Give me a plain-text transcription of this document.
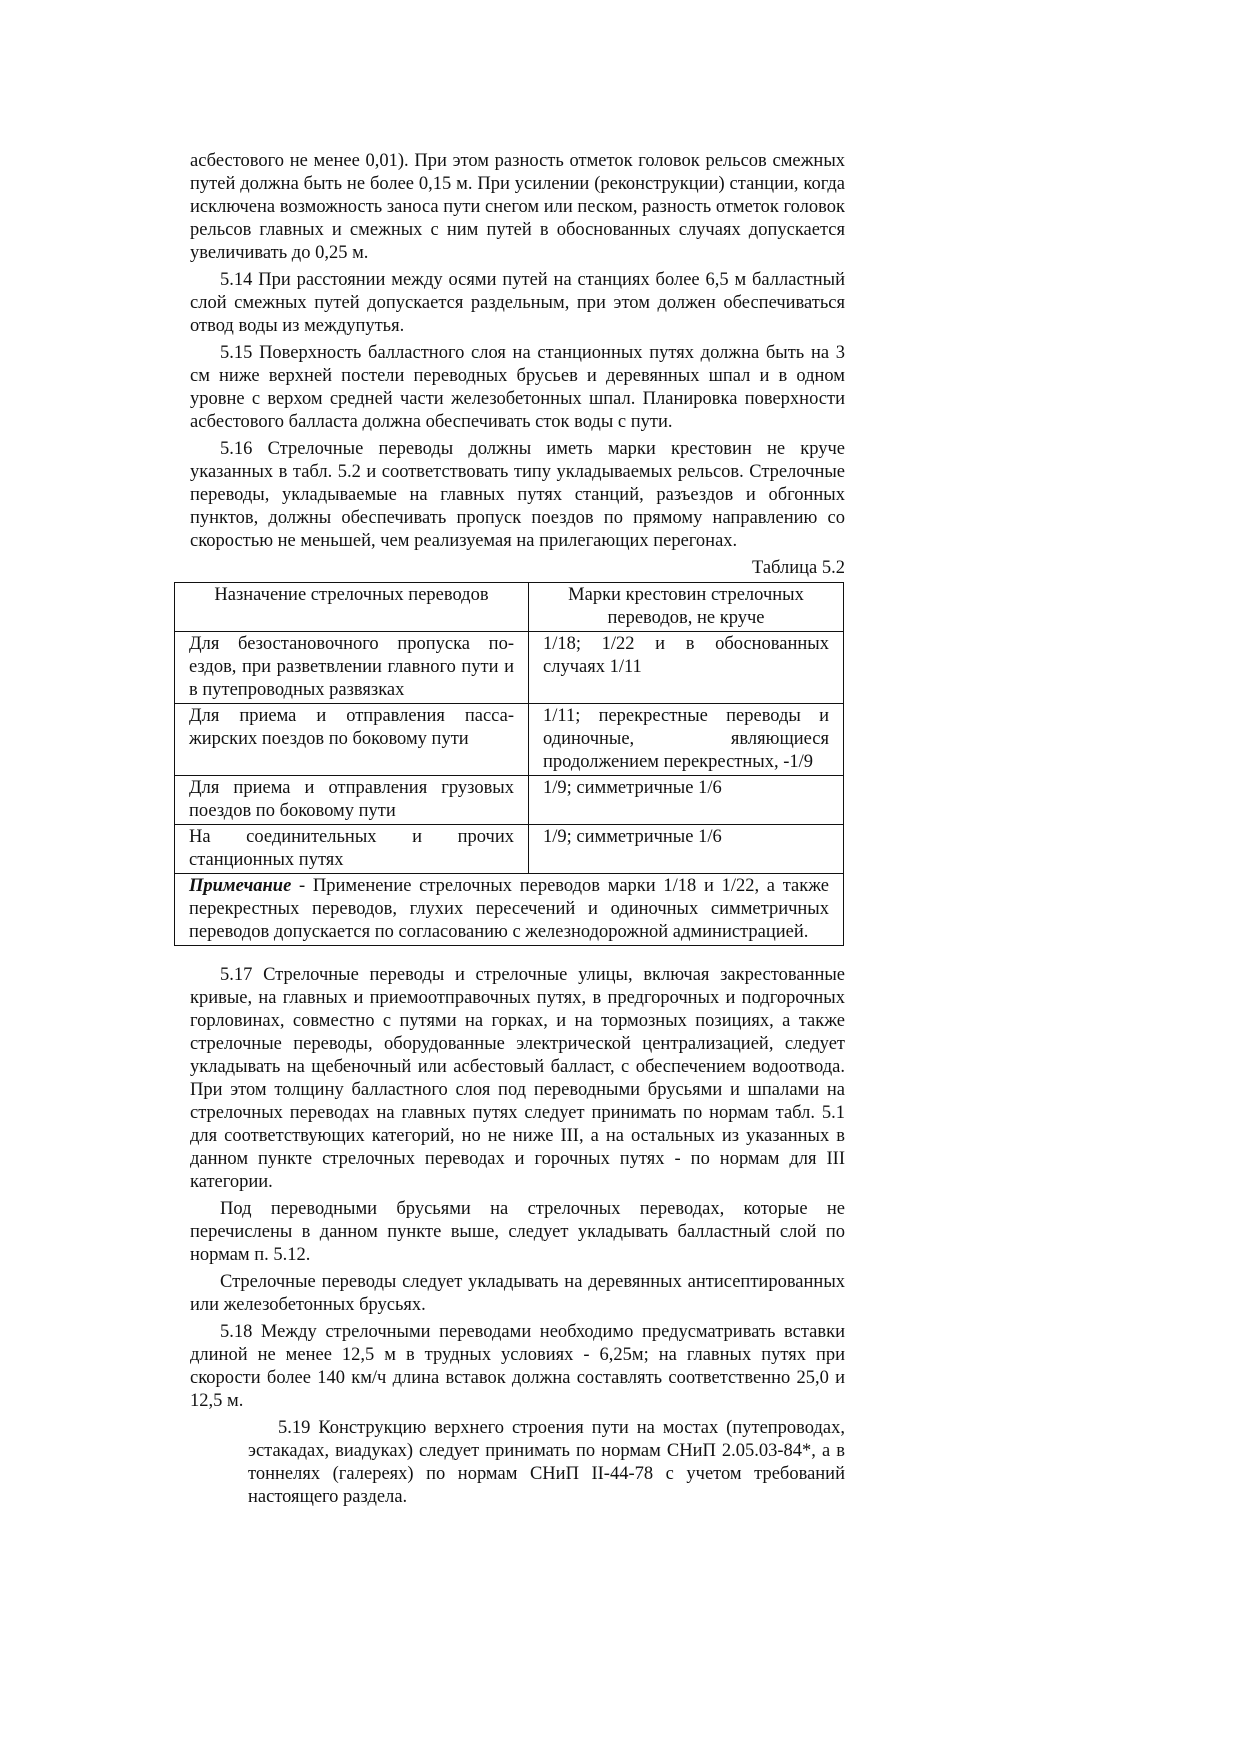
асбестового не менее 0,01). При этом разность отметок головок рельсов смежных путей должна быть не более 0,15 м. При усилении (реконструкции) станции, когда исключена возможность заноса пути снегом или песком, разность отметок головок рельсов главных и смежных с ним путей в обоснованных случаях допускается увеличивать до 0,25 м.

5.14 При расстоянии между осями путей на станциях более 6,5 м балластный слой смежных путей допускается раздельным, при этом должен обеспечиваться отвод воды из междупутья.

5.15 Поверхность балластного слоя на станционных путях должна быть на 3 см ниже верхней постели переводных брусьев и деревянных шпал и в одном уровне с верхом средней части железобетонных шпал. Планировка поверхности асбестового балласта должна обеспечивать сток воды с пути.

5.16 Стрелочные переводы должны иметь марки крестовин не круче указанных в табл. 5.2 и соответствовать типу укладываемых рельсов. Стрелочные переводы, укладываемые на главных путях станций, разъездов и обгонных пунктов, должны обеспечивать пропуск поездов по прямому направлению со скоростью не меньшей, чем реализуемая на прилегающих перегонах.

Таблица 5.2
Назначение стрелочных переводов	Марки крестовин стрелочных переводов, не круче
Для безостановочного пропуска по-ездов, при разветвлении главного пути и в путепроводных развязках	1/18; 1/22 и в обоснованных случаях 1/11
Для приема и отправления пасса-жирских поездов по боковому пути	1/11; перекрестные переводы и одиночные, являющиеся продолжением перекрестных, -1/9
Для приема и отправления грузовых поездов по боковому пути	1/9; симметричные 1/6
На соединительных и прочих станционных путях	1/9; симметричные 1/6
Примечание - Применение стрелочных переводов марки 1/18 и 1/22, а также перекрестных переводов, глухих пересечений и одиночных симметричных переводов допускается по согласованию с железнодорожной администрацией.	

5.17 Стрелочные переводы и стрелочные улицы, включая закрестованные кривые, на главных и приемоотправочных путях, в предгорочных и подгорочных горловинах, совместно с путями на горках, и на тормозных позициях, а также стрелочные переводы, оборудованные электрической централизацией, следует укладывать на щебеночный или асбестовый балласт, с обеспечением водоотвода. При этом толщину балластного слоя под переводными брусьями и шпалами на стрелочных переводах на главных путях следует принимать по нормам табл. 5.1 для соответствующих категорий, но не ниже III, а на остальных из указанных в данном пункте стрелочных переводах и горочных путях - по нормам для III категории.

Под переводными брусьями на стрелочных переводах, которые не перечислены в данном пункте выше, следует укладывать балластный слой по нормам п. 5.12.

Стрелочные переводы следует укладывать на деревянных антисептированных или железобетонных брусьях.

5.18 Между стрелочными переводами необходимо предусматривать вставки длиной не менее 12,5 м в трудных условиях - 6,25м; на главных путях при скорости более 140 км/ч длина вставок должна составлять соответственно 25,0 и 12,5 м.

5.19 Конструкцию верхнего строения пути на мостах (путепроводах, эстакадах, виадуках) следует принимать по нормам СНиП 2.05.03-84*, а в тоннелях (галереях) по нормам СНиП II-44-78 с учетом требований настоящего раздела.
